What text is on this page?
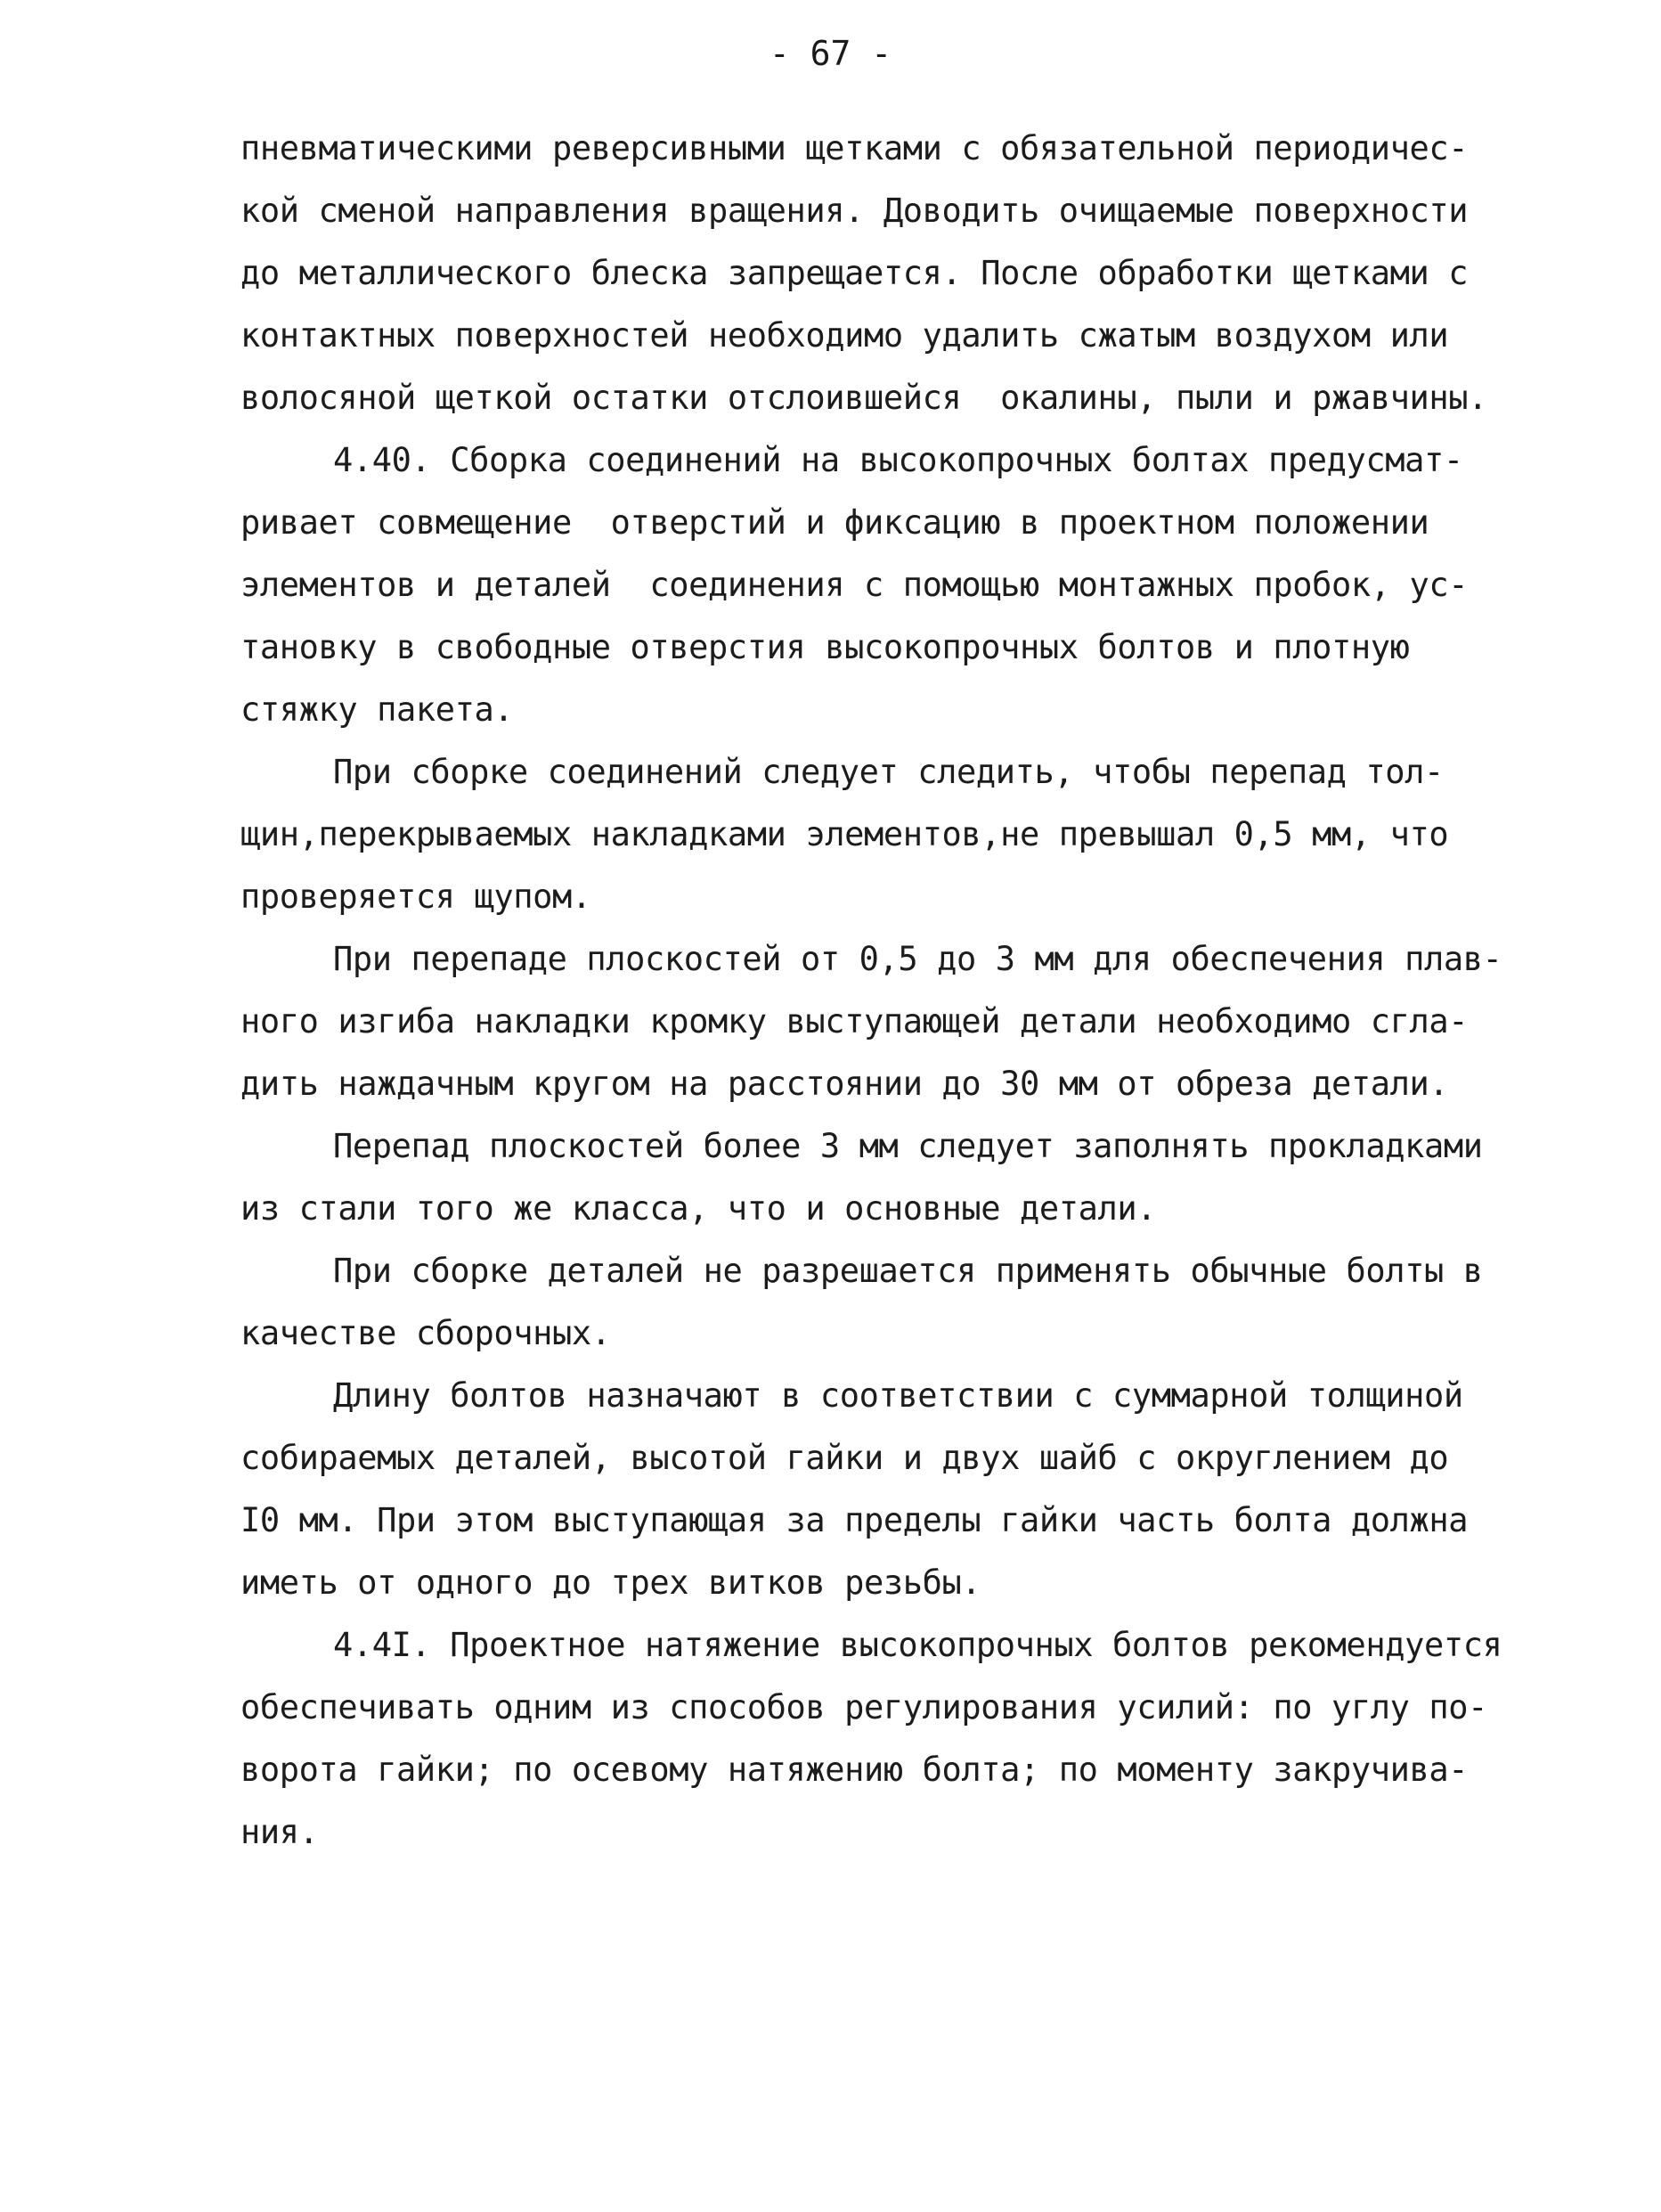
- 67 -
пневматическими реверсивными щетками с обязательной периодичес-
кой сменой направления вращения. Доводить очищаемые поверхности
до металлического блеска запрещается. После обработки щетками с
контактных поверхностей необходимо удалить сжатым воздухом или
волосяной щеткой остатки отслоившейся  окалины, пыли и ржавчины.
4.40. Сборка соединений на высокопрочных болтах предусмат-
ривает совмещение  отверстий и фиксацию в проектном положении
элементов и деталей  соединения с помощью монтажных пробок, ус-
тановку в свободные отверстия высокопрочных болтов и плотную
стяжку пакета.
При сборке соединений следует следить, чтобы перепад тол-
щин,перекрываемых накладками элементов,не превышал 0,5 мм, что
проверяется щупом.
При перепаде плоскостей от 0,5 до 3 мм для обеспечения плав-
ного изгиба накладки кромку выступающей детали необходимо сгла-
дить наждачным кругом на расстоянии до 30 мм от обреза детали.
Перепад плоскостей более 3 мм следует заполнять прокладками
из стали того же класса, что и основные детали.
При сборке деталей не разрешается применять обычные болты в
качестве сборочных.
Длину болтов назначают в соответствии с суммарной толщиной
собираемых деталей, высотой гайки и двух шайб с округлением до
I0 мм. При этом выступающая за пределы гайки часть болта должна
иметь от одного до трех витков резьбы.
4.4I. Проектное натяжение высокопрочных болтов рекомендуется
обеспечивать одним из способов регулирования усилий: по углу по-
ворота гайки; по осевому натяжению болта; по моменту закручива-
ния.
